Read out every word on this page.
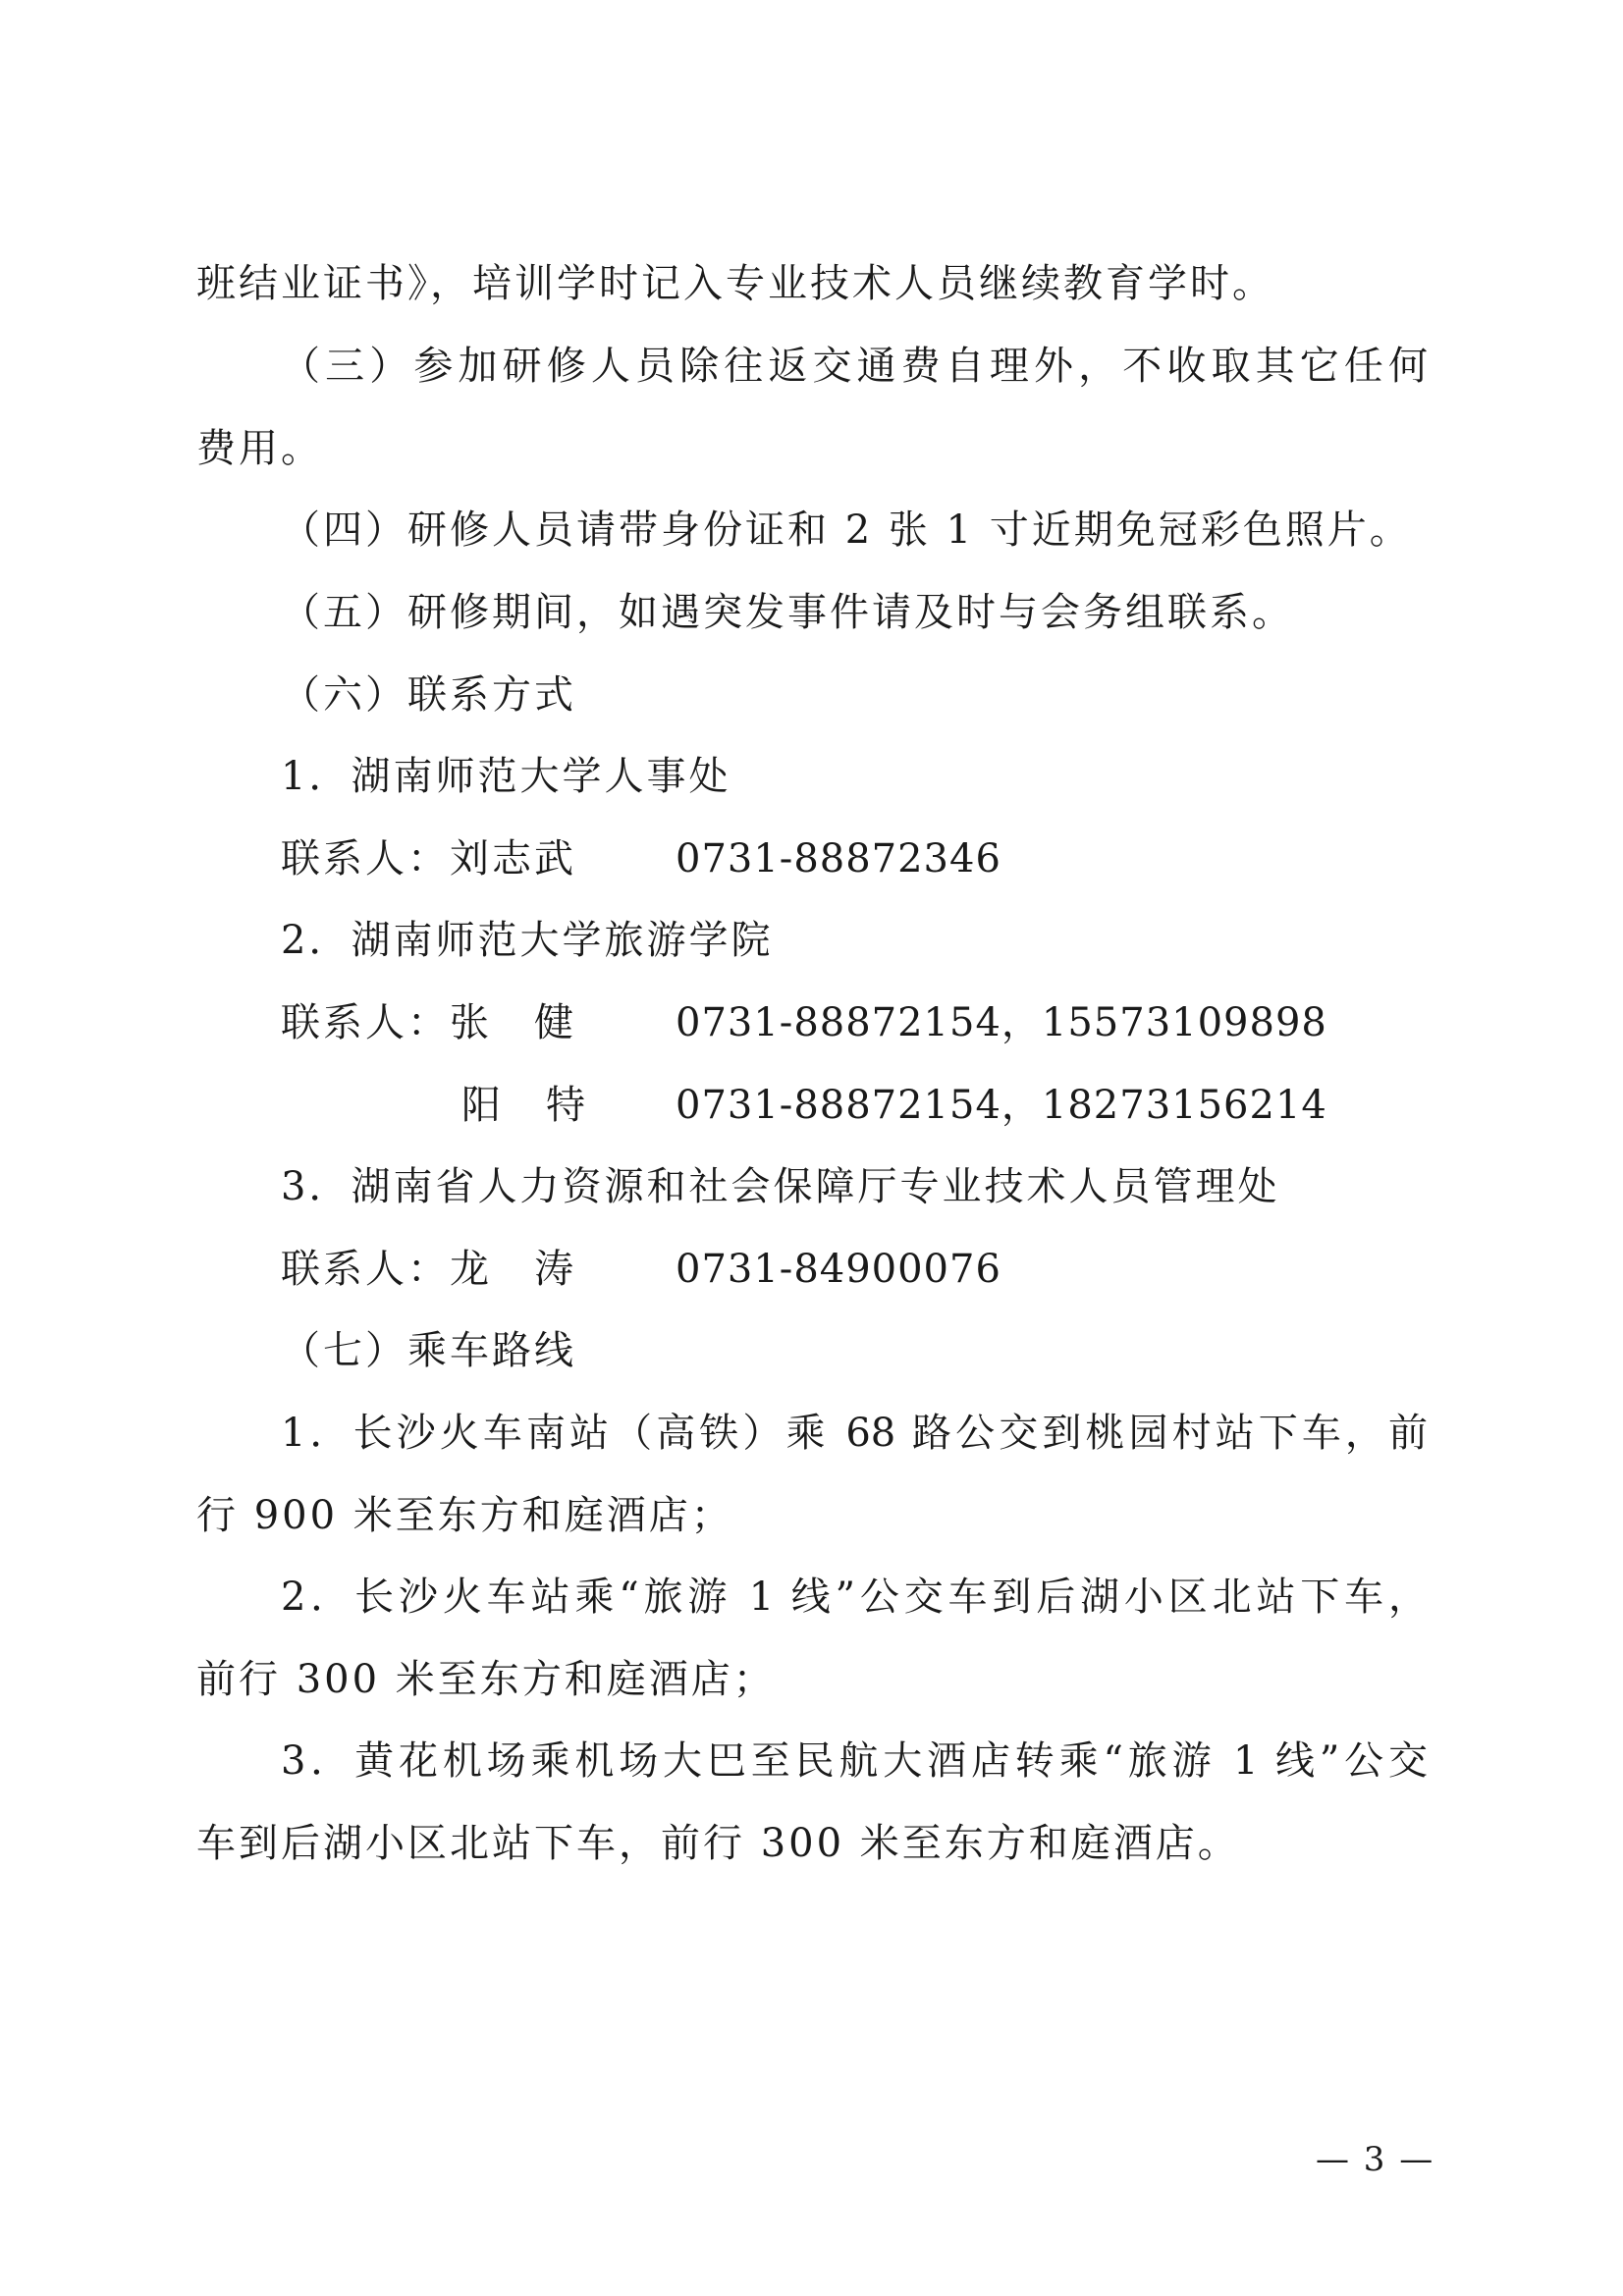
班结业证书》，培训学时记入专业技术人员继续教育学时。
（三）参加研修人员除往返交通费自理外，不收取其它任何
费用。
（四）研修人员请带身份证和 2 张 1 寸近期免冠彩色照片。
（五）研修期间，如遇突发事件请及时与会务组联系。
（六）联系方式
1．湖南师范大学人事处
联系人：刘志武	0731-88872346
2．湖南师范大学旅游学院
联系人：张　健	0731-88872154，15573109898
阳　特 0731-88872154，18273156214
3．湖南省人力资源和社会保障厅专业技术人员管理处
联系人：龙　涛	0731-84900076
（七）乘车路线
1．长沙火车南站（高铁）乘 68 路公交到桃园村站下车，前
行 900 米至东方和庭酒店；
2．长沙火车站乘“旅游 1 线”公交车到后湖小区北站下车，
前行 300 米至东方和庭酒店；
3．黄花机场乘机场大巴至民航大酒店转乘“旅游 1 线”公交
车到后湖小区北站下车，前行 300 米至东方和庭酒店。
— 3 —
